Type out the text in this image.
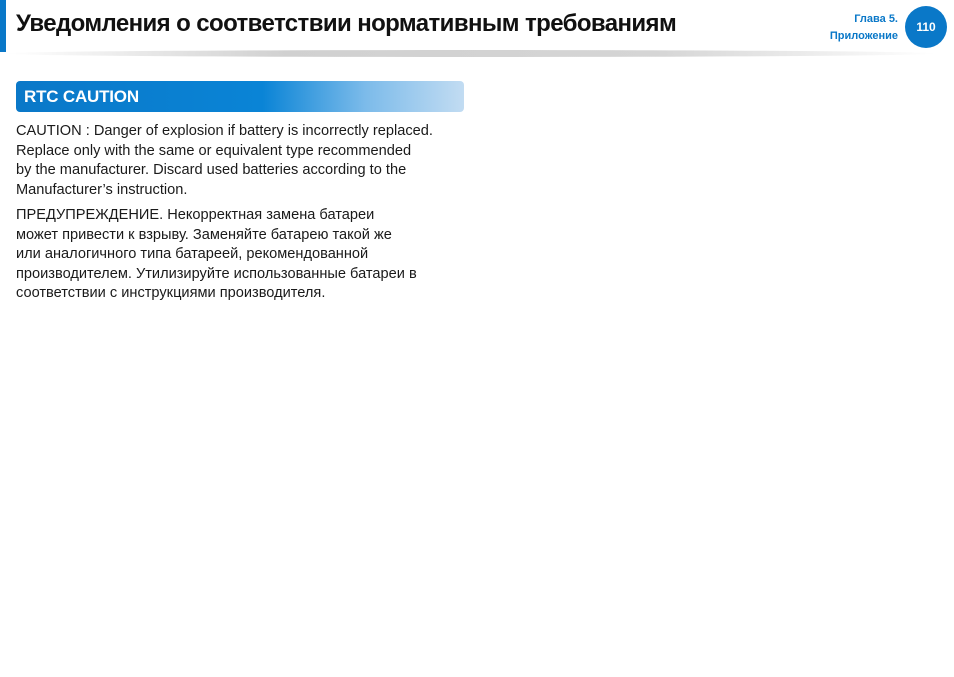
Уведомления о соответствии нормативным требованиям	Глава 5.
Приложение
110
RTC CAUTION

CAUTION : Danger of explosion if battery is incorrectly replaced.
Replace only with the same or equivalent type recommended
by the manufacturer. Discard used batteries according to the
Manufacturer’s instruction.

ПРЕДУПРЕЖДЕНИЕ. Некорректная замена батареи
может привести к взрыву. Заменяйте батарею такой же
или аналогичного типа батареей, рекомендованной
производителем. Утилизируйте использованные батареи в
соответствии с инструкциями производителя.
